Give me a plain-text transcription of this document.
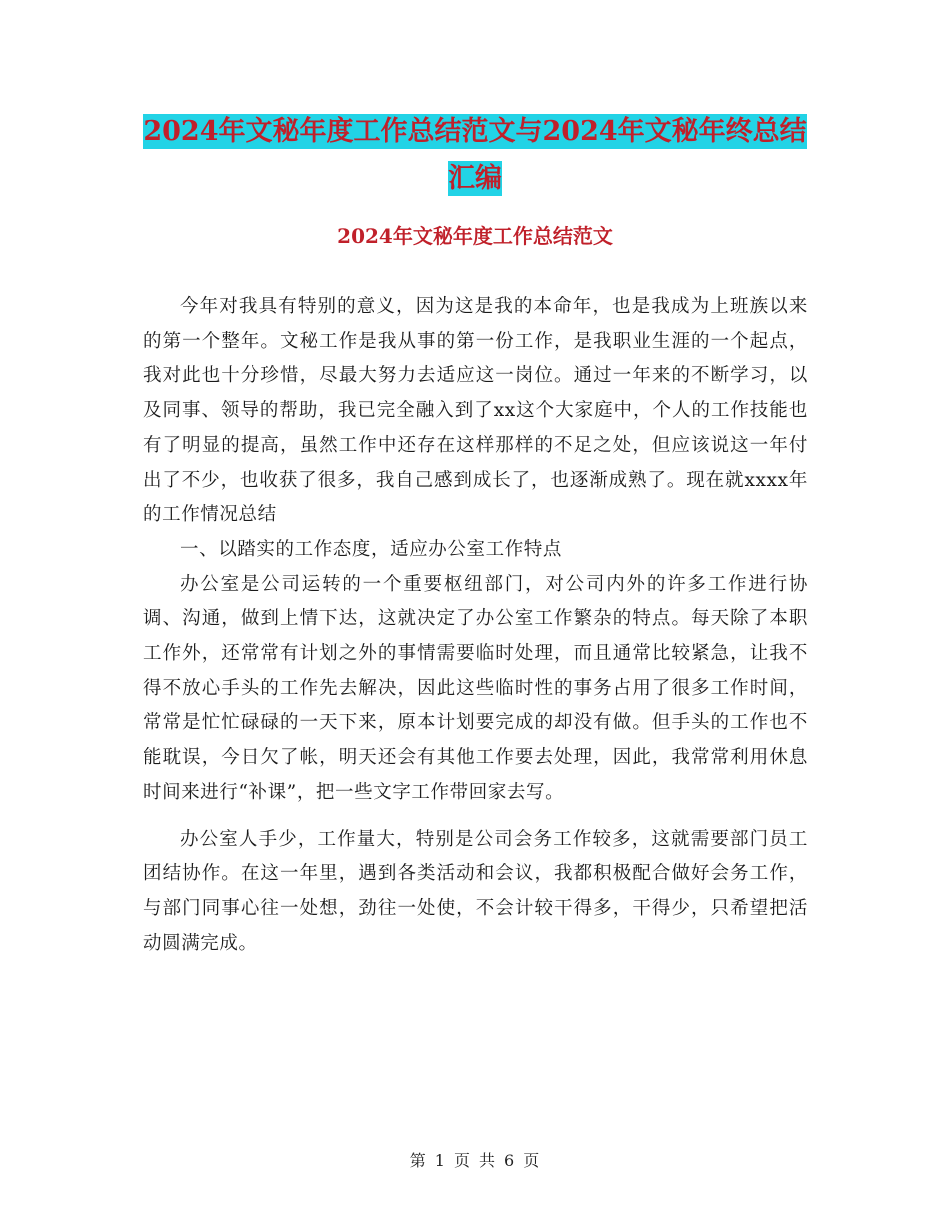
2024年文秘年度工作总结范文与2024年文秘年终总结
汇编
2024年文秘年度工作总结范文

今年对我具有特别的意义，因为这是我的本命年，也是我成为上班族以来的第一个整年。文秘工作是我从事的第一份工作，是我职业生涯的一个起点，我对此也十分珍惜，尽最大努力去适应这一岗位。通过一年来的不断学习，以及同事、领导的帮助，我已完全融入到了xx这个大家庭中，个人的工作技能也有了明显的提高，虽然工作中还存在这样那样的不足之处，但应该说这一年付出了不少，也收获了很多，我自己感到成长了，也逐渐成熟了。现在就xxxx年的工作情况总结

一、以踏实的工作态度，适应办公室工作特点

办公室是公司运转的一个重要枢纽部门，对公司内外的许多工作进行协调、沟通，做到上情下达，这就决定了办公室工作繁杂的特点。每天除了本职工作外，还常常有计划之外的事情需要临时处理，而且通常比较紧急，让我不得不放心手头的工作先去解决，因此这些临时性的事务占用了很多工作时间，常常是忙忙碌碌的一天下来，原本计划要完成的却没有做。但手头的工作也不能耽误，今日欠了帐，明天还会有其他工作要去处理，因此，我常常利用休息时间来进行“补课”，把一些文字工作带回家去写。

办公室人手少，工作量大，特别是公司会务工作较多，这就需要部门员工团结协作。在这一年里，遇到各类活动和会议，我都积极配合做好会务工作，与部门同事心往一处想，劲往一处使，不会计较干得多，干得少，只希望把活动圆满完成。

第 1 页 共 6 页
